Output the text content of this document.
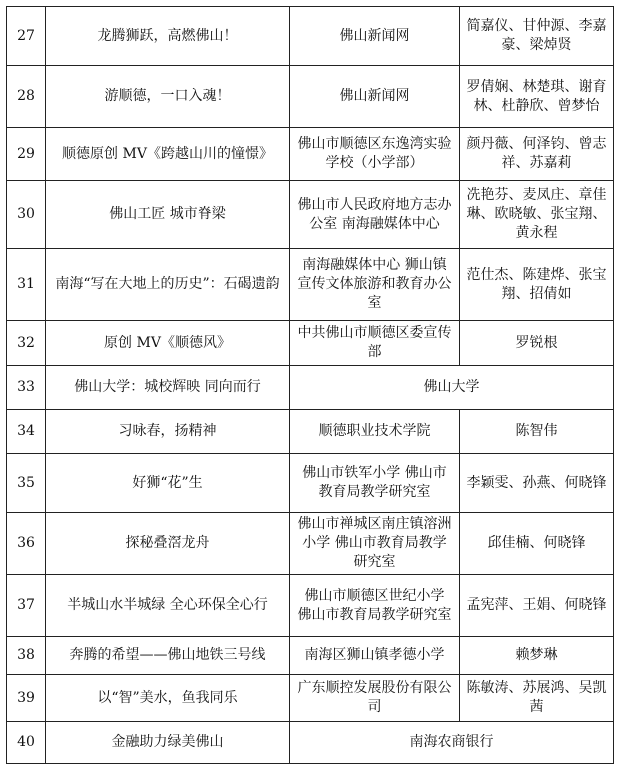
27	龙腾狮跃，高燃佛山！	佛山新闻网	简嘉仪、甘仲源、李嘉豪、梁焯贤
28	游顺德，一口入魂！	佛山新闻网	罗倩娴、林楚琪、谢育林、杜静欣、曾梦怡
29	顺德原创 MV《跨越山川的憧憬》	佛山市顺德区东逸湾实验学校（小学部）	颜丹薇、何泽钧、曾志祥、苏嘉莉
30	佛山工匠 城市脊梁	佛山市人民政府地方志办公室 南海融媒体中心	冼艳芬、麦凤庄、章佳琳、欧晓敏、张宝翔、黄永程
31	南海“写在大地上的历史”：石碣遗韵	南海融媒体中心 狮山镇宣传文体旅游和教育办公室	范仕杰、陈建烨、张宝翔、招倩如
32	原创 MV《顺德风》	中共佛山市顺德区委宣传部	罗锐根
33	佛山大学：城校辉映 同向而行	佛山大学	
34	习咏春，扬精神	顺德职业技术学院	陈智伟
35	好狮“花”生	佛山市铁军小学 佛山市教育局教学研究室	李颖雯、孙燕、何晓锋
36	探秘叠滘龙舟	佛山市禅城区南庄镇溶洲小学 佛山市教育局教学研究室	邱佳楠、何晓锋
37	半城山水半城绿 全心环保全心行	佛山市顺德区世纪小学 佛山市教育局教学研究室	孟宪萍、王娟、何晓锋
38	奔腾的希望——佛山地铁三号线	南海区狮山镇孝德小学	赖梦琳
39	以“智”美水，鱼我同乐	广东顺控发展股份有限公司	陈敏涛、苏展鸿、吴凯茜
40	金融助力绿美佛山	南海农商银行	
